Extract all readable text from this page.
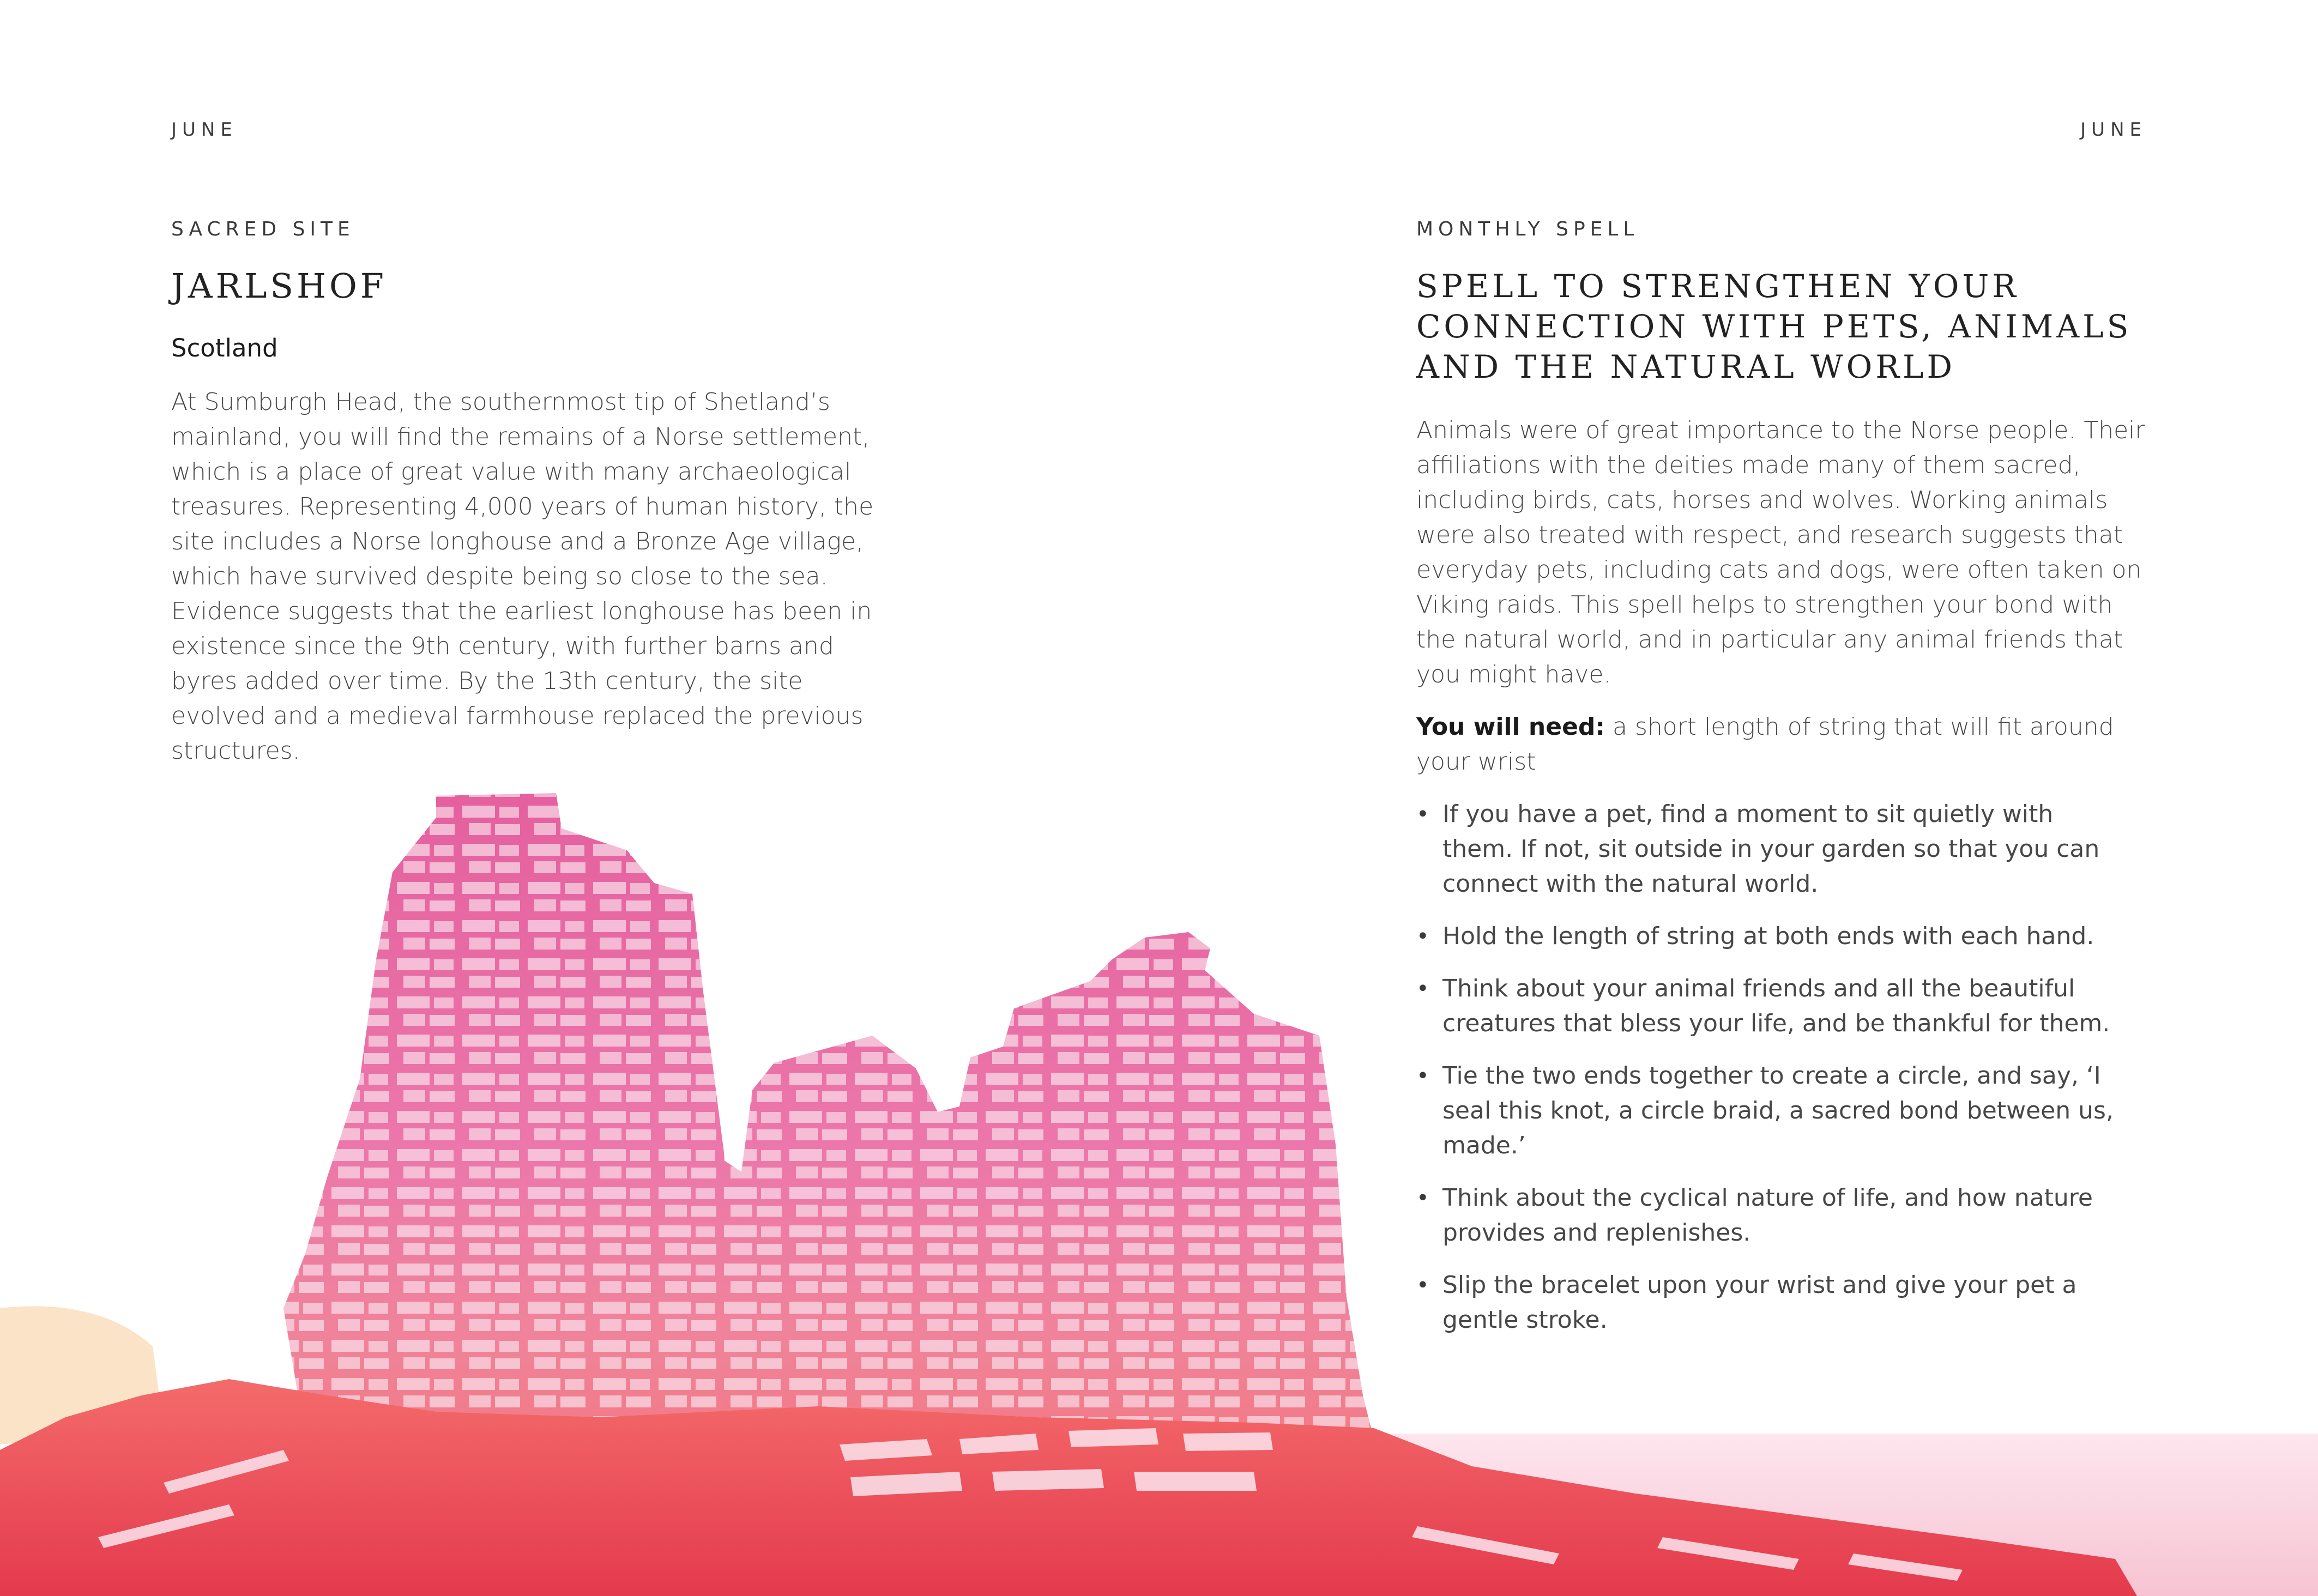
JUNE
SACRED SITE
JARLSHOF
Scotland

At Sumburgh Head, the southernmost tip of Shetland’s mainland, you will find the remains of a Norse settlement, which is a place of great value with many archaeological treasures. Representing 4,000 years of human history, the site includes a Norse longhouse and a Bronze Age village, which have survived despite being so close to the sea. Evidence suggests that the earliest longhouse has been in existence since the 9th century, with further barns and byres added over time. By the 13th century, the site evolved and a medieval farmhouse replaced the previous structures.

JUNE
MONTHLY SPELL
SPELL TO STRENGTHEN YOUR
CONNECTION WITH PETS, ANIMALS
AND THE NATURAL WORLD

Animals were of great importance to the Norse people. Their affiliations with the deities made many of them sacred, including birds, cats, horses and wolves. Working animals were also treated with respect, and research suggests that everyday pets, including cats and dogs, were often taken on Viking raids. This spell helps to strengthen your bond with the natural world, and in particular any animal friends that you might have.

You will need: a short length of string that will fit around your wrist

• If you have a pet, find a moment to sit quietly with them. If not, sit outside in your garden so that you can connect with the natural world.
• Hold the length of string at both ends with each hand.
• Think about your animal friends and all the beautiful creatures that bless your life, and be thankful for them.
• Tie the two ends together to create a circle, and say, ‘I seal this knot, a circle braid, a sacred bond between us, made.’
• Think about the cyclical nature of life, and how nature provides and replenishes.
• Slip the bracelet upon your wrist and give your pet a gentle stroke.
